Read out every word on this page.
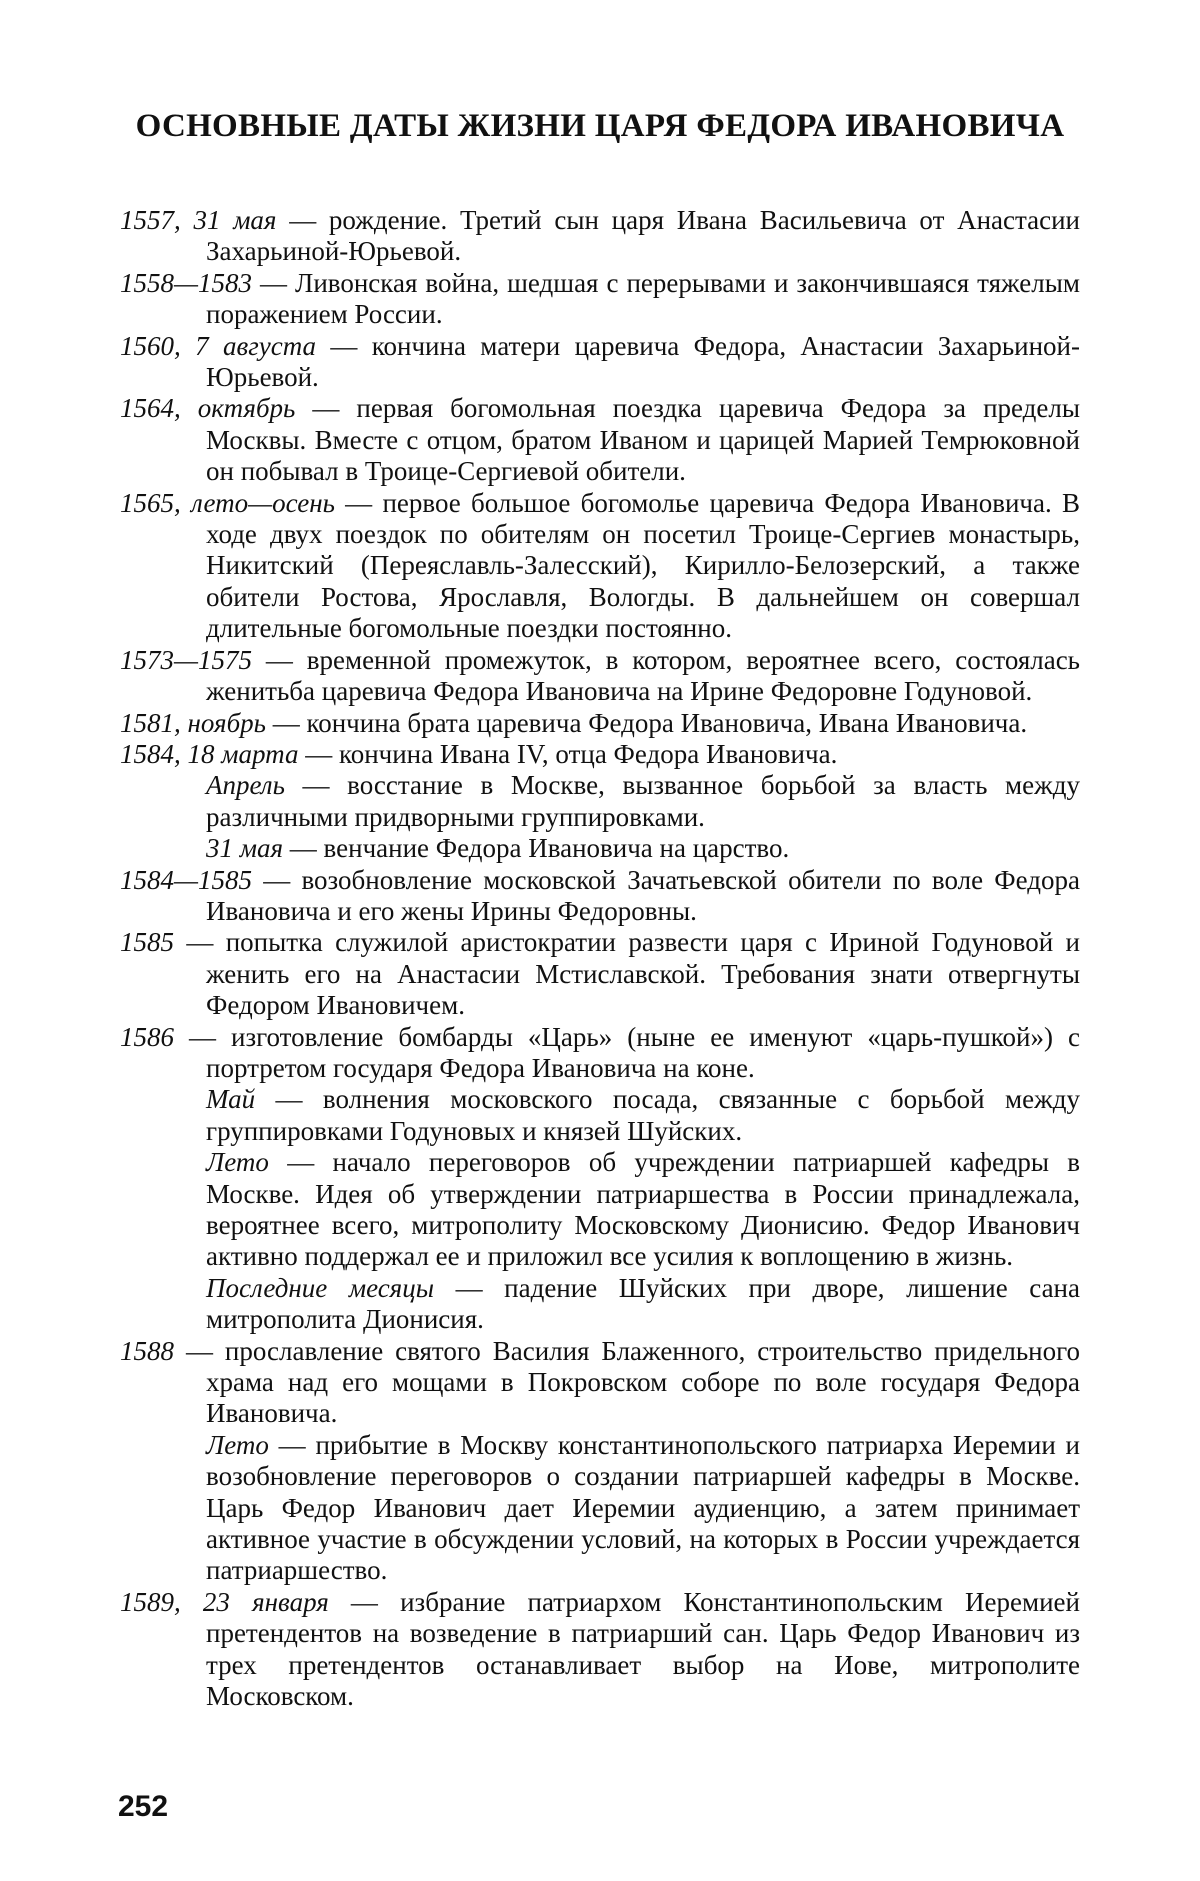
ОСНОВНЫЕ ДАТЫ ЖИЗНИ ЦАРЯ ФЕДОРА ИВАНОВИЧА

1557, 31 мая — рождение. Третий сын царя Ивана Васильевича от Анастасии Захарьиной-Юрьевой.

1558—1583 — Ливонская война, шедшая с перерывами и закончившаяся тяжелым поражением России.

1560, 7 августа — кончина матери царевича Федора, Анастасии Захарьиной-Юрьевой.

1564, октябрь — первая богомольная поездка царевича Федора за пределы Москвы. Вместе с отцом, братом Иваном и царицей Марией Темрюковной он побывал в Троице-Сергиевой обители.

1565, лето—осень — первое большое богомолье царевича Федора Ивановича. В ходе двух поездок по обителям он посетил Троице-Сергиев монастырь, Никитский (Переяславль-Залесский), Кирилло-Белозерский, а также обители Ростова, Ярославля, Вологды. В дальнейшем он совершал длительные богомольные поездки постоянно.

1573—1575 — временной промежуток, в котором, вероятнее всего, состоялась женитьба царевича Федора Ивановича на Ирине Федоровне Годуновой.

1581, ноябрь — кончина брата царевича Федора Ивановича, Ивана Ивановича.

1584, 18 марта — кончина Ивана IV, отца Федора Ивановича.

Апрель — восстание в Москве, вызванное борьбой за власть между различными придворными группировками.

31 мая — венчание Федора Ивановича на царство.

1584—1585 — возобновление московской Зачатьевской обители по воле Федора Ивановича и его жены Ирины Федоровны.

1585 — попытка служилой аристократии развести царя с Ириной Годуновой и женить его на Анастасии Мстиславской. Требования знати отвергнуты Федором Ивановичем.

1586 — изготовление бомбарды «Царь» (ныне ее именуют «царь-пушкой») с портретом государя Федора Ивановича на коне.

Май — волнения московского посада, связанные с борьбой между группировками Годуновых и князей Шуйских.

Лето — начало переговоров об учреждении патриаршей кафедры в Москве. Идея об утверждении патриаршества в России принадлежала, вероятнее всего, митрополиту Московскому Дионисию. Федор Иванович активно поддержал ее и приложил все усилия к воплощению в жизнь.

Последние месяцы — падение Шуйских при дворе, лишение сана митрополита Дионисия.

1588 — прославление святого Василия Блаженного, строительство придельного храма над его мощами в Покровском соборе по воле государя Федора Ивановича.

Лето — прибытие в Москву константинопольского патриарха Иеремии и возобновление переговоров о создании патриаршей кафедры в Москве. Царь Федор Иванович дает Иеремии аудиенцию, а затем принимает активное участие в обсуждении условий, на которых в России учреждается патриаршество.

1589, 23 января — избрание патриархом Константинопольским Иеремией претендентов на возведение в патриарший сан. Царь Федор Иванович из трех претендентов останавливает выбор на Иове, митрополите Московском.

252
